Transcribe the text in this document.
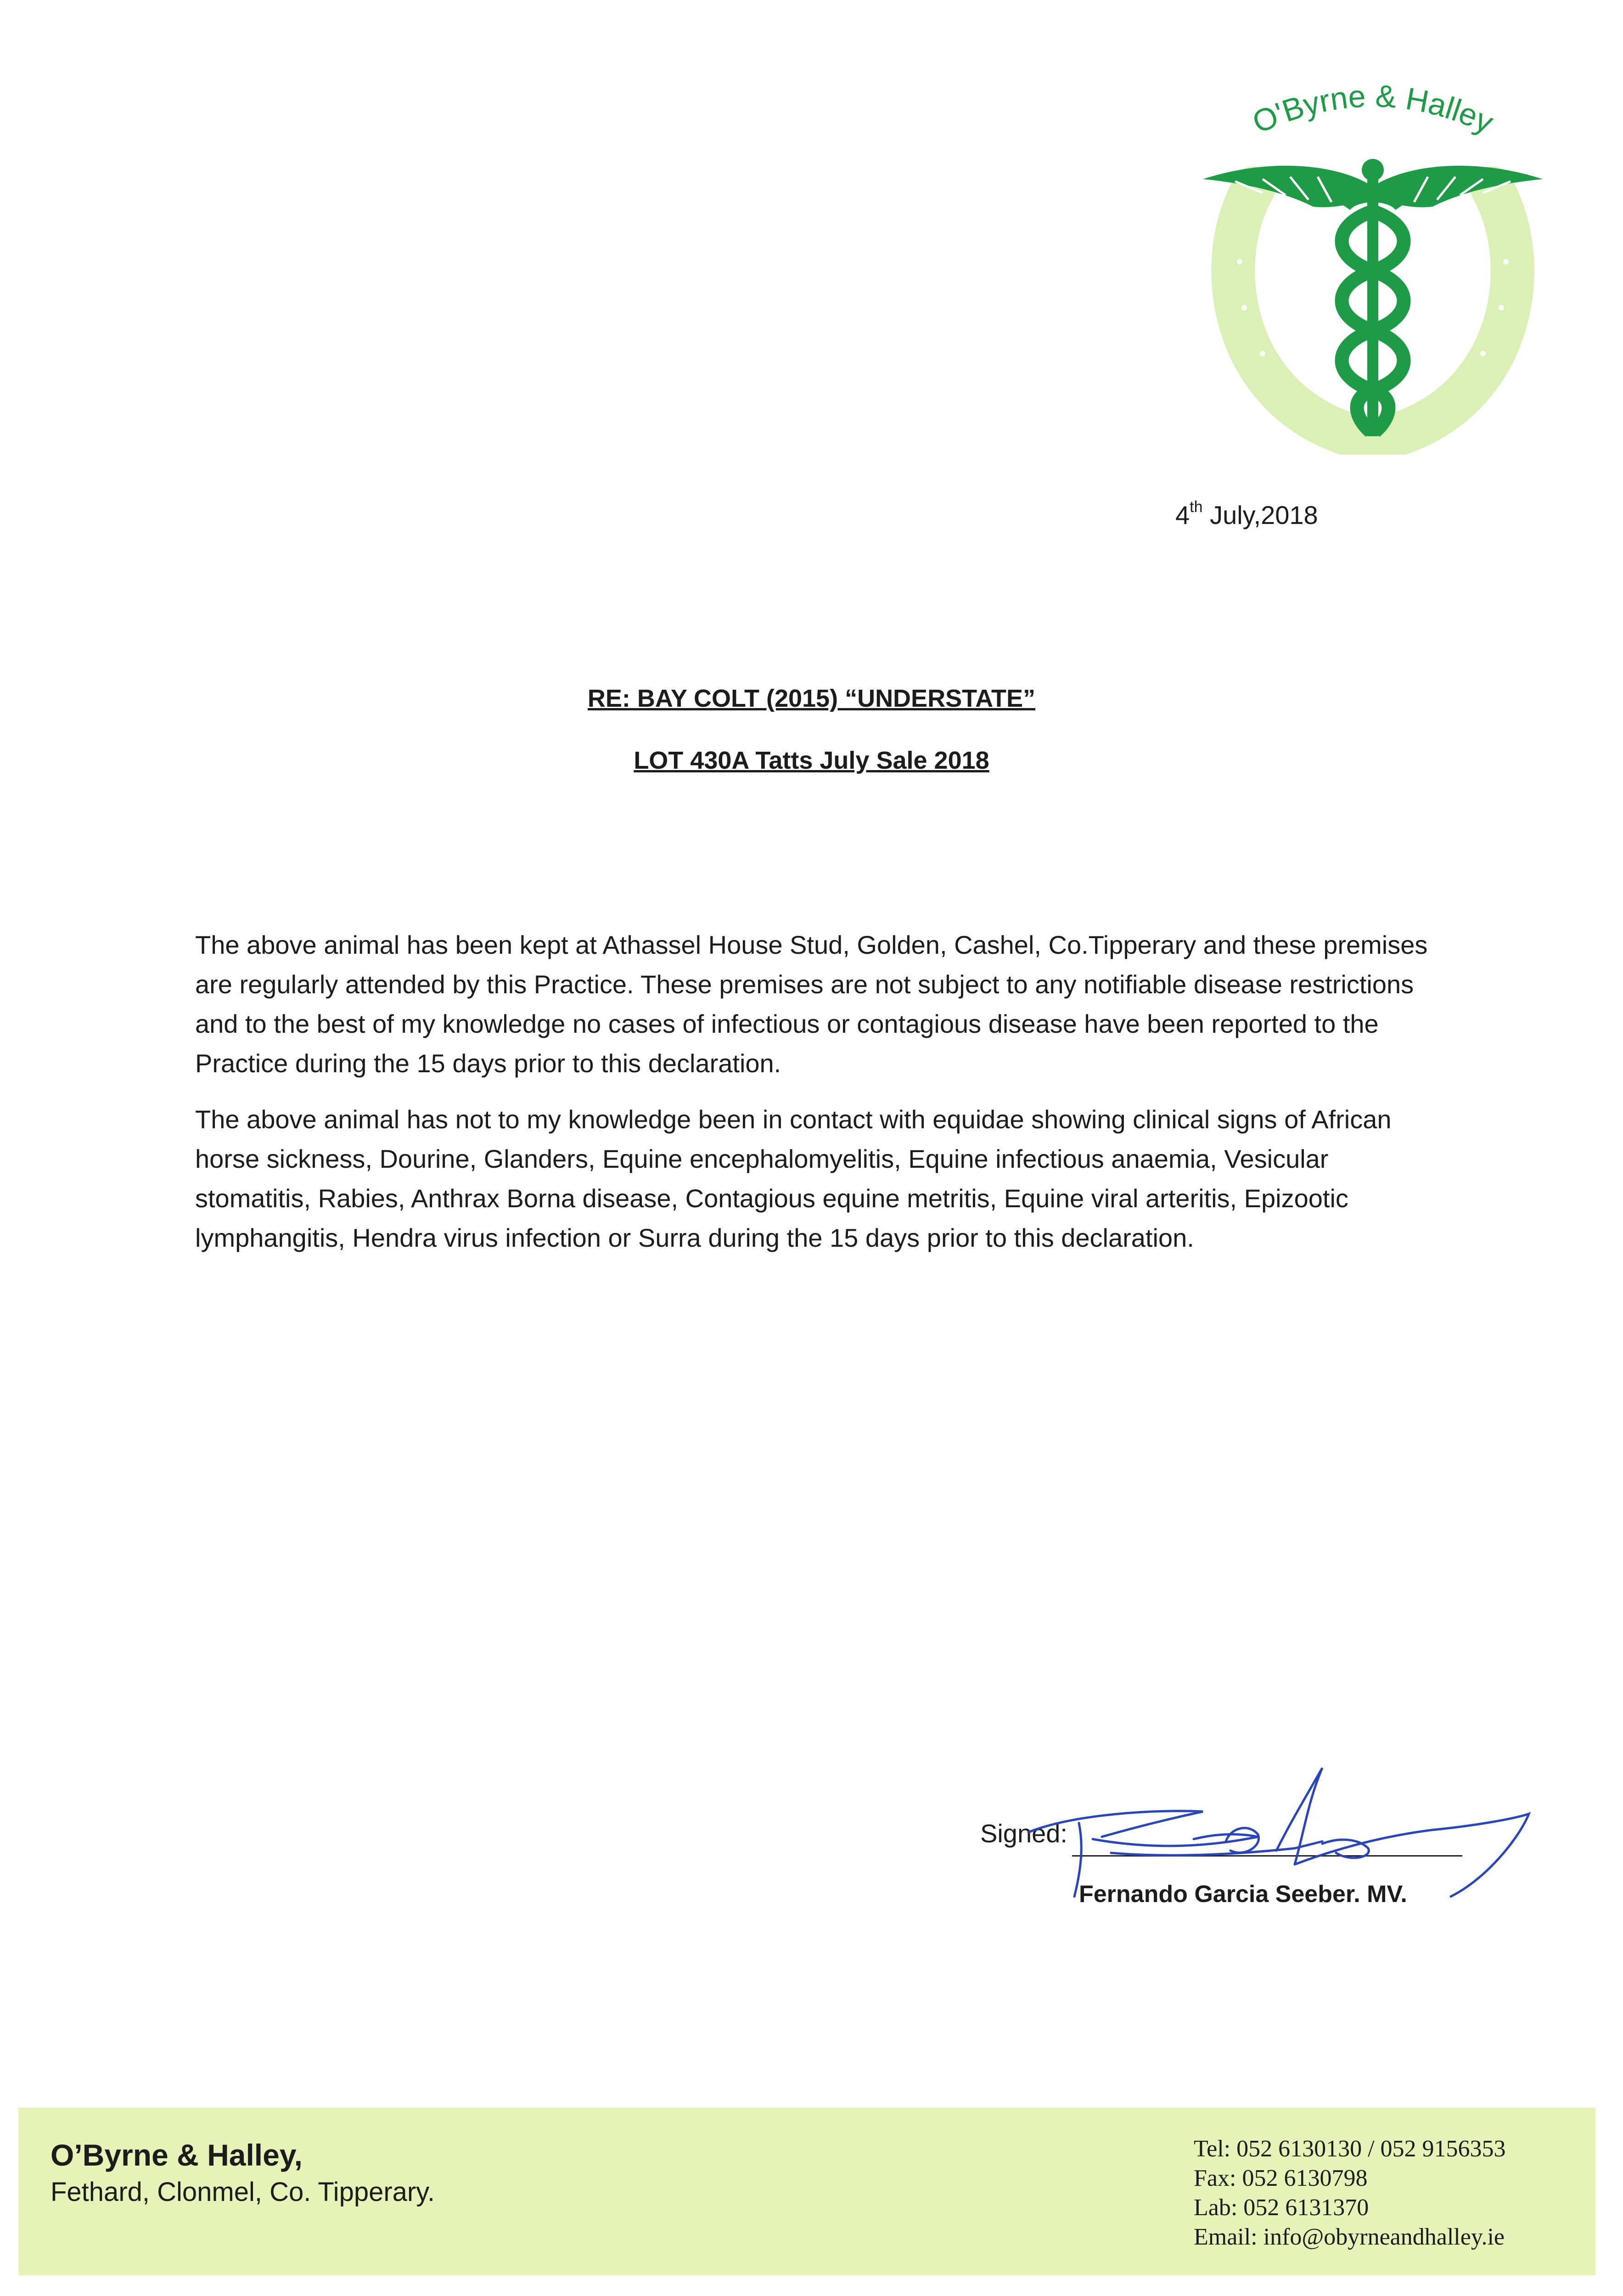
O'Byrne & Halley
4th July,2018
RE: BAY COLT (2015) “UNDERSTATE”
LOT 430A Tatts July Sale 2018

The above animal has been kept at Athassel House Stud, Golden, Cashel, Co.Tipperary and these premises are regularly attended by this Practice. These premises are not subject to any notifiable disease restrictions and to the best of my knowledge no cases of infectious or contagious disease have been reported to the Practice during the 15 days prior to this declaration.

The above animal has not to my knowledge been in contact with equidae showing clinical signs of African horse sickness, Dourine, Glanders, Equine encephalomyelitis, Equine infectious anaemia, Vesicular stomatitis, Rabies, Anthrax Borna disease, Contagious equine metritis, Equine viral arteritis, Epizootic lymphangitis, Hendra virus infection or Surra during the 15 days prior to this declaration.

Signed:
Fernando Garcia Seeber. MV.
O’Byrne & Halley,
Fethard, Clonmel, Co. Tipperary.
Tel: 052 6130130 / 052 9156353
Fax: 052 6130798
Lab: 052 6131370
Email: info@obyrneandhalley.ie
